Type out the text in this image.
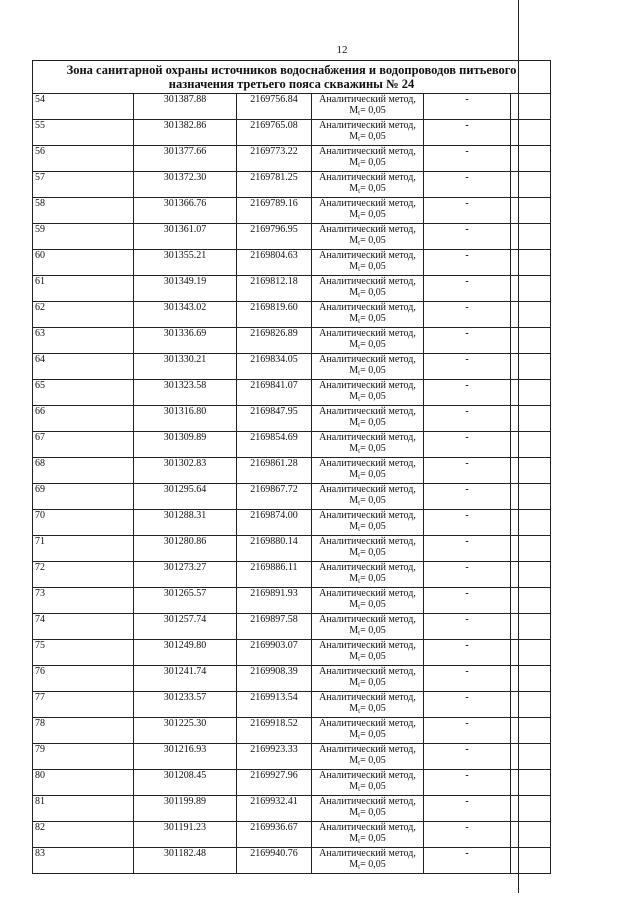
12
Зона санитарной охраны источников водоснабжения и водопроводов питьевого
назначения третьего пояса скважины № 24					
54	301387.88	2169756.84	Аналитический метод,
$M_t= 0,05$	-	
55	301382.86	2169765.08	Аналитический метод,
$M_t= 0,05$	-	
56	301377.66	2169773.22	Аналитический метод,
$M_t= 0,05$	-	
57	301372.30	2169781.25	Аналитический метод,
$M_t= 0,05$	-	
58	301366.76	2169789.16	Аналитический метод,
$M_t= 0,05$	-	
59	301361.07	2169796.95	Аналитический метод,
$M_t= 0,05$	-	
60	301355.21	2169804.63	Аналитический метод,
$M_t= 0,05$	-	
61	301349.19	2169812.18	Аналитический метод,
$M_t= 0,05$	-	
62	301343.02	2169819.60	Аналитический метод,
$M_t= 0,05$	-	
63	301336.69	2169826.89	Аналитический метод,
$M_t= 0,05$	-	
64	301330.21	2169834.05	Аналитический метод,
$M_t= 0,05$	-	
65	301323.58	2169841.07	Аналитический метод,
$M_t= 0,05$	-	
66	301316.80	2169847.95	Аналитический метод,
$M_t= 0,05$	-	
67	301309.89	2169854.69	Аналитический метод,
$M_t= 0,05$	-	
68	301302.83	2169861.28	Аналитический метод,
$M_t= 0,05$	-	
69	301295.64	2169867.72	Аналитический метод,
$M_t= 0,05$	-	
70	301288.31	2169874.00	Аналитический метод,
$M_t= 0,05$	-	
71	301280.86	2169880.14	Аналитический метод,
$M_t= 0,05$	-	
72	301273.27	2169886.11	Аналитический метод,
$M_t= 0,05$	-	
73	301265.57	2169891.93	Аналитический метод,
$M_t= 0,05$	-	
74	301257.74	2169897.58	Аналитический метод,
$M_t= 0,05$	-	
75	301249.80	2169903.07	Аналитический метод,
$M_t= 0,05$	-	
76	301241.74	2169908.39	Аналитический метод,
$M_t= 0,05$	-	
77	301233.57	2169913.54	Аналитический метод,
$M_t= 0,05$	-	
78	301225.30	2169918.52	Аналитический метод,
$M_t= 0,05$	-	
79	301216.93	2169923.33	Аналитический метод,
$M_t= 0,05$	-	
80	301208.45	2169927.96	Аналитический метод,
$M_t= 0,05$	-	
81	301199.89	2169932.41	Аналитический метод,
$M_t= 0,05$	-	
82	301191.23	2169936.67	Аналитический метод,
$M_t= 0,05$	-	
83	301182.48	2169940.76	Аналитический метод,
$M_t= 0,05$	-	
